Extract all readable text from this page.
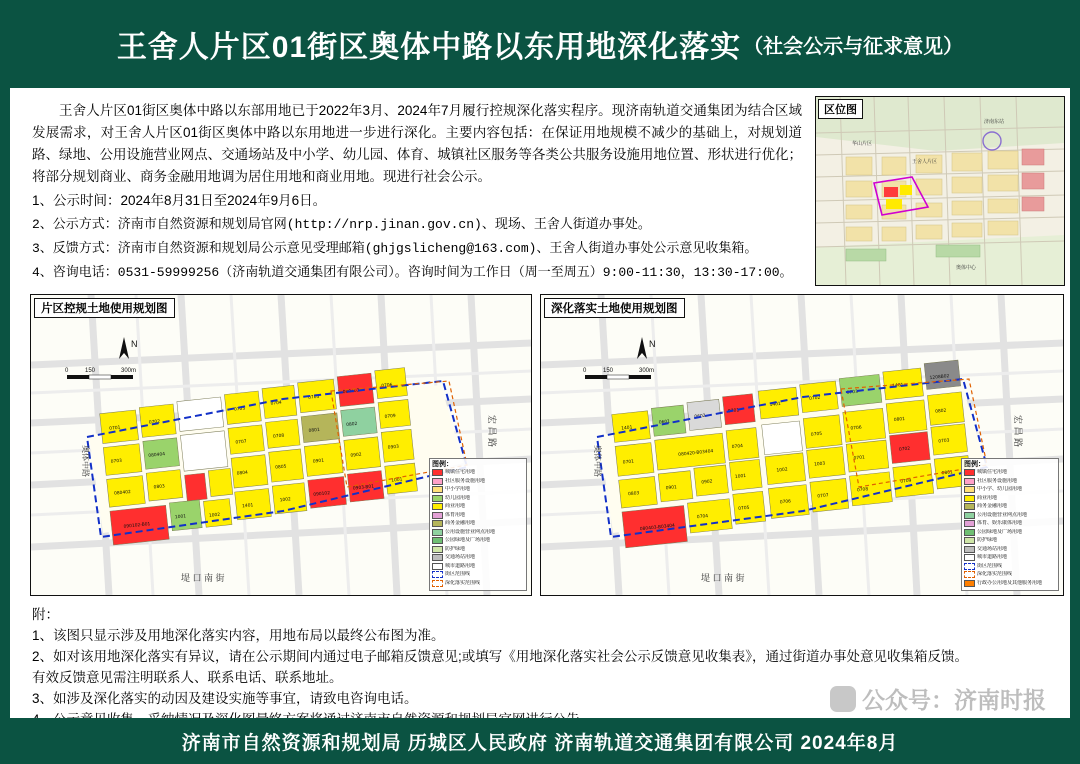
王舍人片区01街区奥体中路以东用地深化落实 （社会公示与征求意见）

王舍人片区01街区奥体中路以东部用地已于2022年3月、2024年7月履行控规深化落实程序。现济南轨道交通集团为结合区域发展需求，对王舍人片区01街区奥体中路以东用地进一步进行深化。主要内容包括：在保证用地规模不减少的基础上，对规划道路、绿地、公用设施营业网点、交通场站及中小学、幼儿园、体育、城镇社区服务等各类公共服务设施用地位置、形状进行优化；将部分规划商业、商务金融用地调为居住用地和商业用地。现进行社会公示。

1、公示时间：2024年8月31日至2024年9月6日。

2、公示方式：济南市自然资源和规划局官网(http://nrp.jinan.gov.cn)、现场、王舍人街道办事处。

3、反馈方式：济南市自然资源和规划局公示意见受理邮箱(ghjgslicheng@163.com)、王舍人街道办事处公示意见收集箱。

4、咨询电话：0531-59999256（济南轨道交通集团有限公司）。咨询时间为工作日（周一至周五）9:00-11:30，13:30-17:00。

区位图
济南东站
王舍人片区
华山片区
奥体中心
片区控规土地使用规划图
0701
0702
0703
0704
0705
080403
0706
0703
080404
0707
0708
0801
0802
0709
080402
0803
0804
0805
0901
0902
0903
090102-B01
1001	1002
1401
1002
090102
0903-B01
1001
N
0	150	300m
宏 昌 路
堤 口 南 街
奥体中路	图例：
城镇住宅用地
社区服务设施用地
中小学用地
幼儿园用地
商业用地
体育用地
商务金融用地
公用设施营业网点用地
公园绿地及广场用地
防护绿地
交通场站用地
城市道路用地
街区范围线
深化落实范围线
深化落实土地使用规划图
1401
0601
0602
0701
1401
0702
0703
1401
1208B02
0701
080420-B03404
0704
0705
0706
0801
0802
0803
0901
0902
1001
1002
1003
0701
0702
0703
080403-B03404
0704
0705
0706
0707
0708
0709
0801
N
0	150	300m
宏 昌 路
堤 口 南 街
奥体中路	图例：
城镇住宅用地
社区服务设施用地
中小学、幼儿园用地
商业用地
商务金融用地
公用设施营业网点用地
体育、娱乐康体用地
公园绿地及广场用地
防护绿地
交通场站用地
城市道路用地
街区范围线
深化落实范围线
行政办公用地及其他服务用地

附：

1、该图只显示涉及用地深化落实内容，用地布局以最终公布图为准。

2、如对该用地深化落实有异议，请在公示期间内通过电子邮箱反馈意见;或填写《用地深化落实社会公示反馈意见收集表》，通过街道办事处意见收集箱反馈。

有效反馈意见需注明联系人、联系电话、联系地址。

3、如涉及深化落实的动因及建设实施等事宜，请致电咨询电话。	公众号：济南时报
济南市自然资源和规划局 历城区人民政府 济南轨道交通集团有限公司 2024年8月
